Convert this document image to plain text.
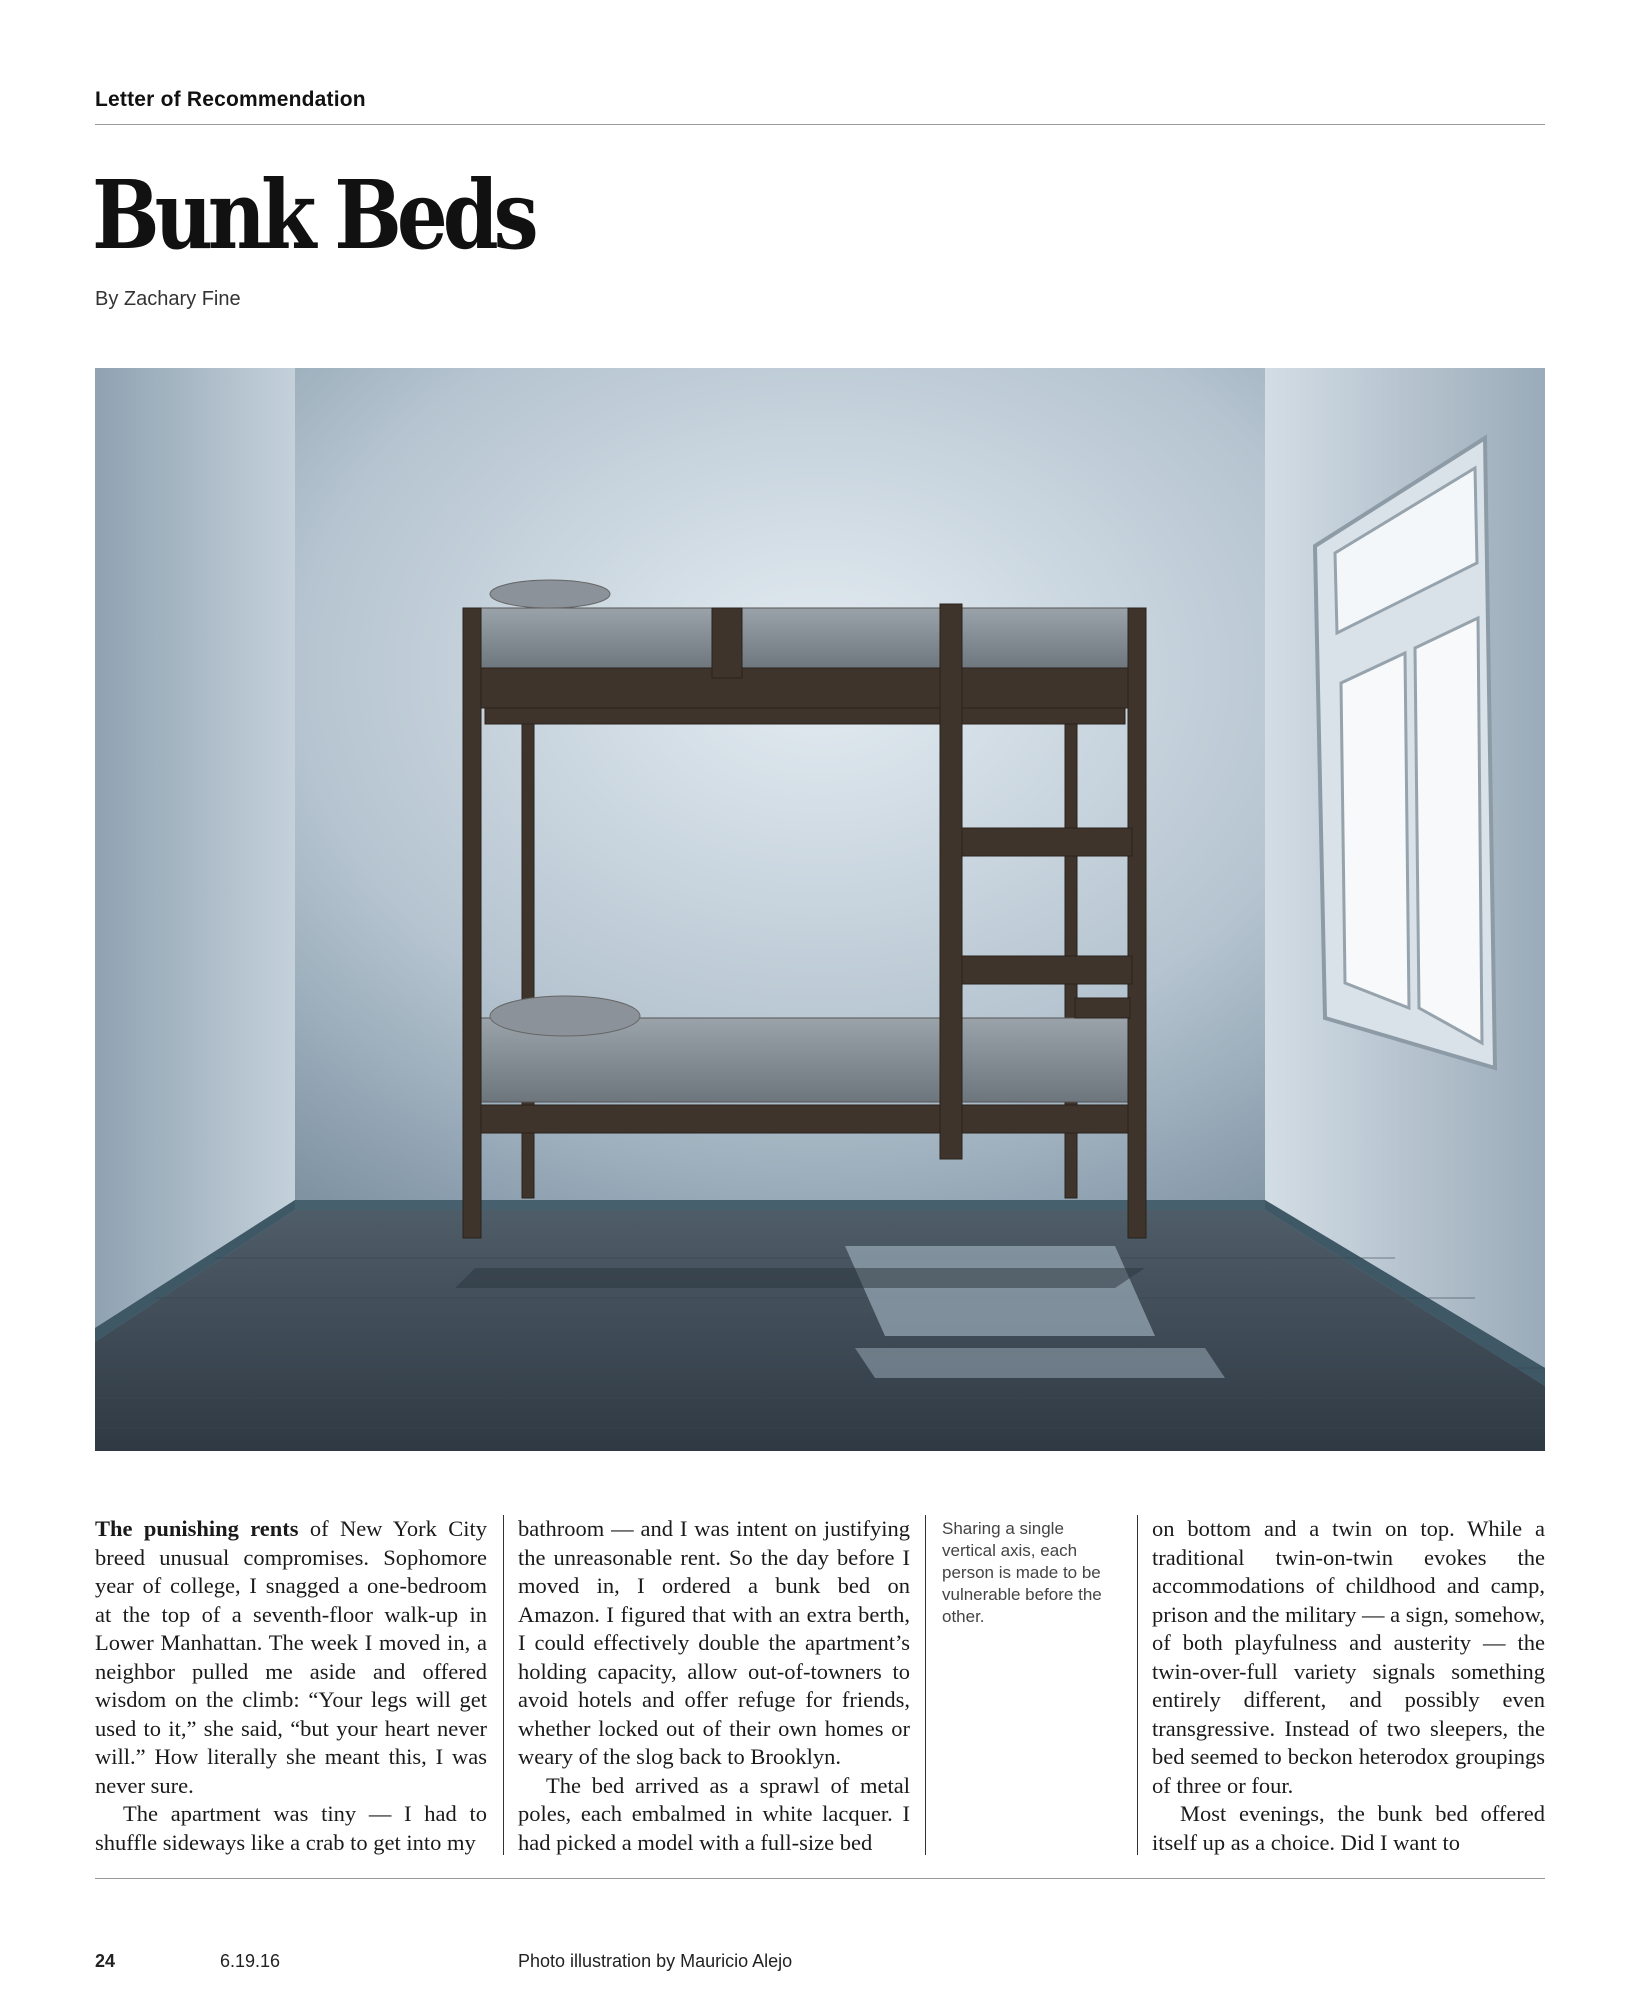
Letter of Recommendation
Bunk Beds
By Zachary Fine

The punishing rents of New York City breed unusual compromises. Sophomore year of college, I snagged a one-bedroom at the top of a seventh-floor walk-up in Lower Manhattan. The week I moved in, a neighbor pulled me aside and offered wisdom on the climb: “Your legs will get used to it,” she said, “but your heart never will.” How literally she meant this, I was never sure.

The apartment was tiny — I had to shuffle sideways like a crab to get into my

bathroom — and I was intent on justifying the unreasonable rent. So the day before I moved in, I ordered a bunk bed on Amazon. I figured that with an extra berth, I could effectively double the apartment’s holding capacity, allow out-of-towners to avoid hotels and offer refuge for friends, whether locked out of their own homes or weary of the slog back to Brooklyn.

The bed arrived as a sprawl of metal poles, each embalmed in white lacquer. I had picked a model with a full-size bed

Sharing a single vertical axis, each person is made to be vulnerable before the other.

on bottom and a twin on top. While a traditional twin-on-twin evokes the accommodations of childhood and camp, prison and the military — a sign, somehow, of both playfulness and austerity — the twin-over-full variety signals something entirely different, and possibly even transgressive. Instead of two sleepers, the bed seemed to beckon heterodox groupings of three or four.

Most evenings, the bunk bed offered itself up as a choice. Did I want to

24	6.19.16	Photo illustration by Mauricio Alejo
